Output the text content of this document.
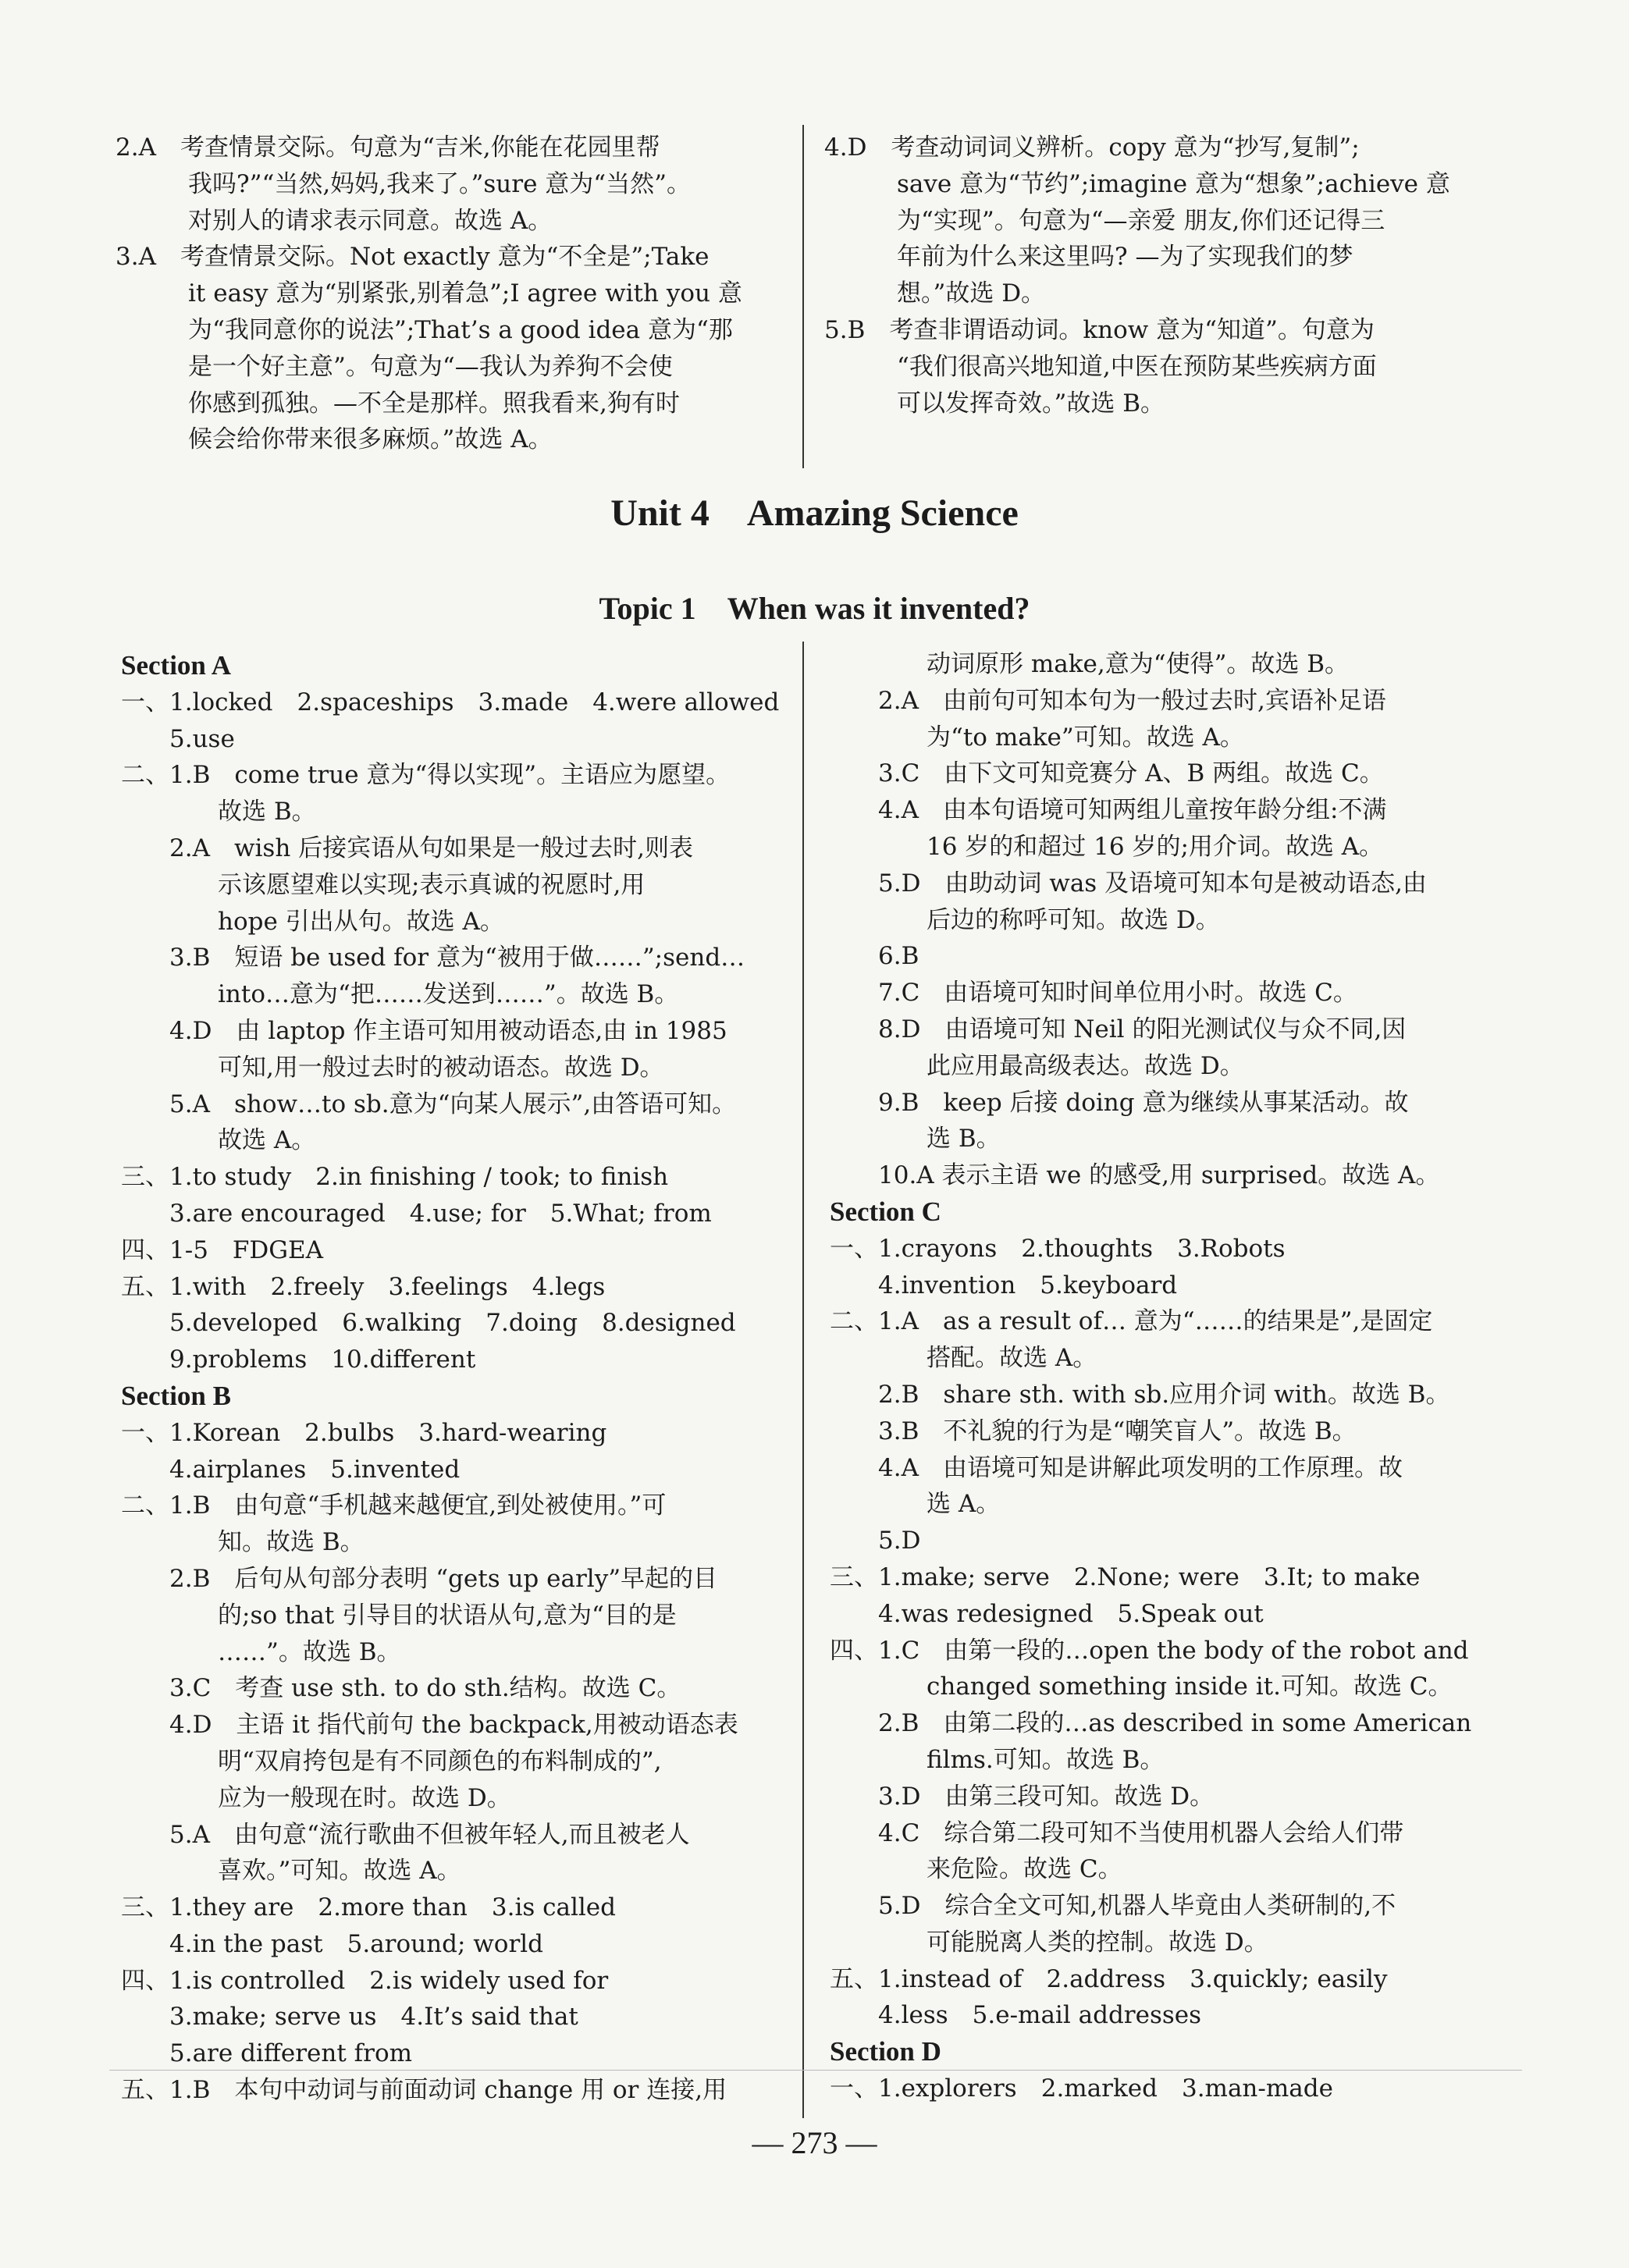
2.A　考查情景交际。句意为“吉米,你能在花园里帮
　　　我吗?”“当然,妈妈,我来了。”sure 意为“当然”。
　　　对别人的请求表示同意。故选 A。
3.A　考查情景交际。Not exactly 意为“不全是”;Take
　　　it easy 意为“别紧张,别着急”;I agree with you 意
　　　为“我同意你的说法”;That’s a good idea 意为“那
　　　是一个好主意”。句意为“—我认为养狗不会使
　　　你感到孤独。—不全是那样。照我看来,狗有时
　　　候会给你带来很多麻烦。”故选 A。
4.D　考查动词词义辨析。copy 意为“抄写,复制”;
　　　save 意为“节约”;imagine 意为“想象”;achieve 意
　　　为“实现”。句意为“—亲爱 朋友,你们还记得三
　　　年前为什么来这里吗? —为了实现我们的梦
　　　想。”故选 D。
5.B　考查非谓语动词。know 意为“知道”。句意为
　　　“我们很高兴地知道,中医在预防某些疾病方面
　　　可以发挥奇效。”故选 B。
Unit 4　Amazing Science
Topic 1　When was it invented?
Section A
一、1.locked　2.spaceships　3.made　4.were allowed
　　5.use
二、1.B　come true 意为“得以实现”。主语应为愿望。
　　　　故选 B。
　　2.A　wish 后接宾语从句如果是一般过去时,则表
　　　　示该愿望难以实现;表示真诚的祝愿时,用
　　　　hope 引出从句。故选 A。
　　3.B　短语 be used for 意为“被用于做……”;send…
　　　　into…意为“把……发送到……”。故选 B。
　　4.D　由 laptop 作主语可知用被动语态,由 in 1985
　　　　可知,用一般过去时的被动语态。故选 D。
　　5.A　show…to sb.意为“向某人展示”,由答语可知。
　　　　故选 A。
三、1.to study　2.in finishing / took; to finish
　　3.are encouraged　4.use; for　5.What; from
四、1-5　FDGEA
五、1.with　2.freely　3.feelings　4.legs
　　5.developed　6.walking　7.doing　8.designed
　　9.problems　10.different
Section B
一、1.Korean　2.bulbs　3.hard-wearing
　　4.airplanes　5.invented
二、1.B　由句意“手机越来越便宜,到处被使用。”可
　　　　知。故选 B。
　　2.B　后句从句部分表明 “gets up early”早起的目
　　　　的;so that 引导目的状语从句,意为“目的是
　　　　……”。故选 B。
　　3.C　考查 use sth. to do sth.结构。故选 C。
　　4.D　主语 it 指代前句 the backpack,用被动语态表
　　　　明“双肩挎包是有不同颜色的布料制成的”,
　　　　应为一般现在时。故选 D。
　　5.A　由句意“流行歌曲不但被年轻人,而且被老人
　　　　喜欢。”可知。故选 A。
三、1.they are　2.more than　3.is called
　　4.in the past　5.around; world
四、1.is controlled　2.is widely used for
　　3.make; serve us　4.It’s said that
　　5.are different from
五、1.B　本句中动词与前面动词 change 用 or 连接,用
　　　　动词原形 make,意为“使得”。故选 B。
　　2.A　由前句可知本句为一般过去时,宾语补足语
　　　　为“to make”可知。故选 A。
　　3.C　由下文可知竞赛分 A、B 两组。故选 C。
　　4.A　由本句语境可知两组儿童按年龄分组:不满
　　　　16 岁的和超过 16 岁的;用介词。故选 A。
　　5.D　由助动词 was 及语境可知本句是被动语态,由
　　　　后边的称呼可知。故选 D。
　　6.B
　　7.C　由语境可知时间单位用小时。故选 C。
　　8.D　由语境可知 Neil 的阳光测试仪与众不同,因
　　　　此应用最高级表达。故选 D。
　　9.B　keep 后接 doing 意为继续从事某活动。故
　　　　选 B。
　　10.A 表示主语 we 的感受,用 surprised。故选 A。
Section C
一、1.crayons　2.thoughts　3.Robots
　　4.invention　5.keyboard
二、1.A　as a result of… 意为“……的结果是”,是固定
　　　　搭配。故选 A。
　　2.B　share sth. with sb.应用介词 with。故选 B。
　　3.B　不礼貌的行为是“嘲笑盲人”。故选 B。
　　4.A　由语境可知是讲解此项发明的工作原理。故
　　　　选 A。
　　5.D
三、1.make; serve　2.None; were　3.It; to make
　　4.was redesigned　5.Speak out
四、1.C　由第一段的…open the body of the robot and
　　　　changed something inside it.可知。故选 C。
　　2.B　由第二段的…as described in some American
　　　　films.可知。故选 B。
　　3.D　由第三段可知。故选 D。
　　4.C　综合第二段可知不当使用机器人会给人们带
　　　　来危险。故选 C。
　　5.D　综合全文可知,机器人毕竟由人类研制的,不
　　　　可能脱离人类的控制。故选 D。
五、1.instead of　2.address　3.quickly; easily
　　4.less　5.e-mail addresses
Section D
一、1.explorers　2.marked　3.man-made
— 273 —
